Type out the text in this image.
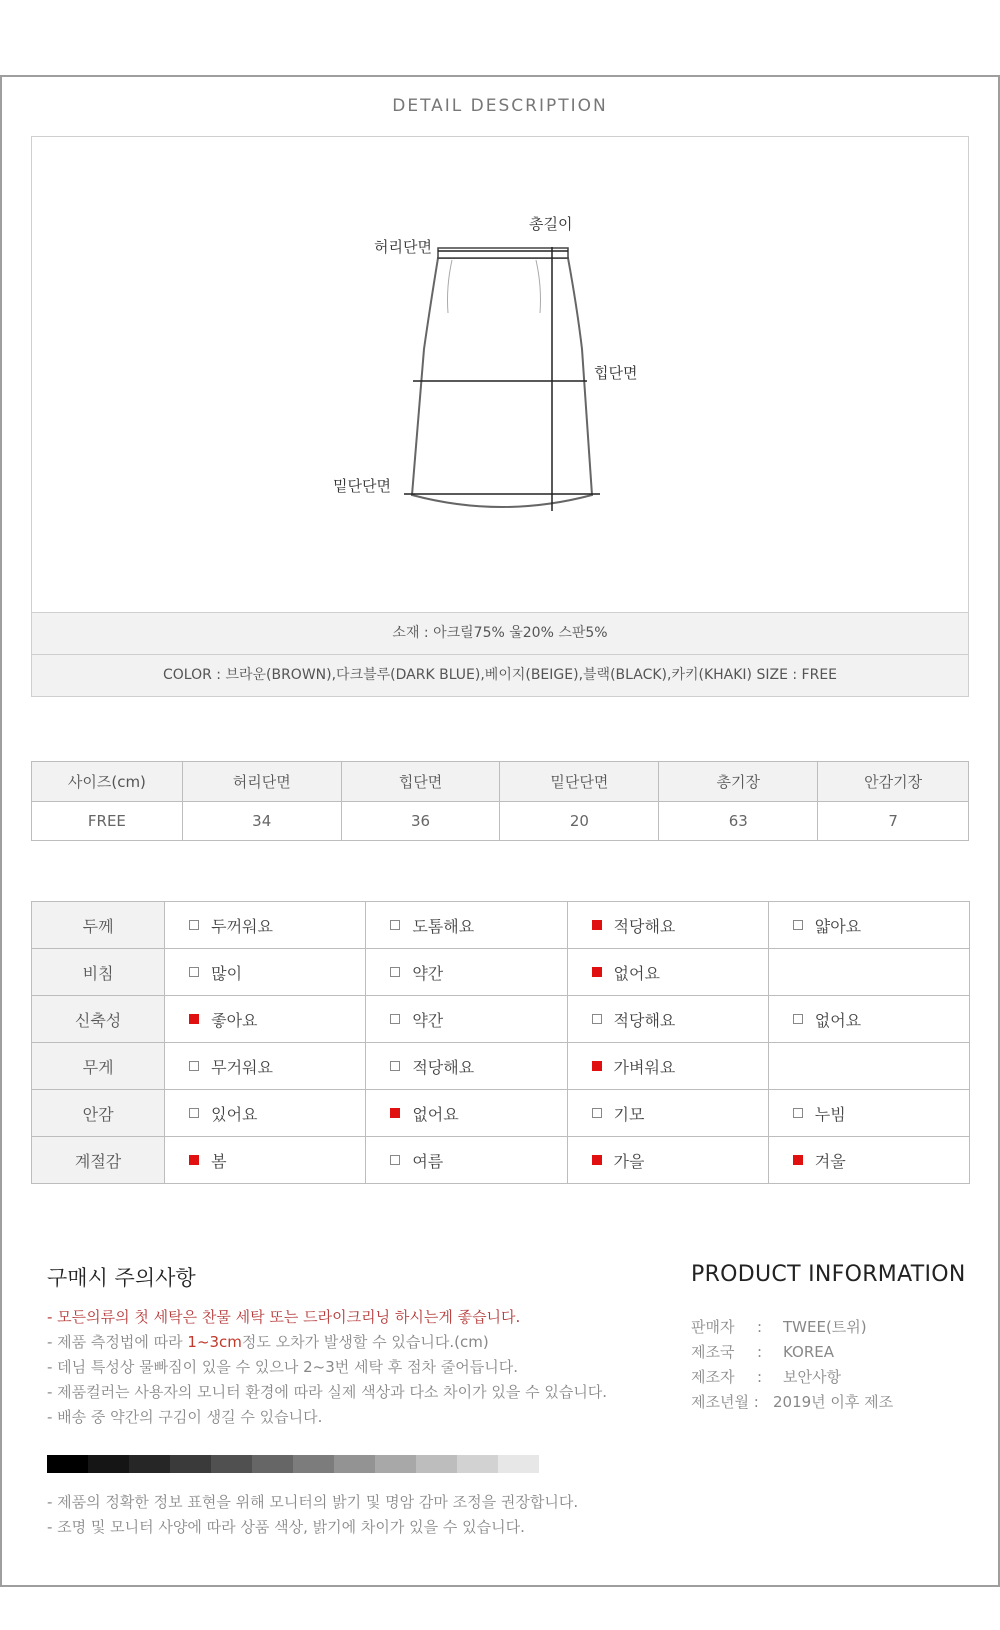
DETAIL DESCRIPTION
총길이
허리단면
힙단면
밑단단면
소재 : 아크릴75% 울20% 스판5%
COLOR : 브라운(BROWN),다크블루(DARK BLUE),베이지(BEIGE),블랙(BLACK),카키(KHAKI) SIZE : FREE
사이즈(cm)	허리단면	힙단면	밑단단면	총기장	안감기장
FREE	34	36	20	63	7
두께	두꺼워요	도톰해요	적당해요	얇아요
비침	많이	약간	없어요	
신축성	좋아요	약간	적당해요	없어요
무게	무거워요	적당해요	가벼워요	
안감	있어요	없어요	기모	누빔
계절감	봄	여름	가을	겨울
구매시 주의사항
- 모든의류의 첫 세탁은 찬물 세탁 또는 드라이크리닝 하시는게 좋습니다.
- 제품 측정법에 따라 1~3cm정도 오차가 발생할 수 있습니다.(cm)
- 데님 특성상 물빠짐이 있을 수 있으나 2~3번 세탁 후 점차 줄어듭니다.
- 제품컬러는 사용자의 모니터 환경에 따라 실제 색상과 다소 차이가 있을 수 있습니다.
- 배송 중 약간의 구김이 생길 수 있습니다.
- 제품의 정확한 정보 표현을 위해 모니터의 밝기 및 명암 감마 조정을 권장합니다.
- 조명 및 모니터 사양에 따라 상품 색상, 밝기에 차이가 있을 수 있습니다.
PRODUCT INFORMATION
판매자 : TWEE(트위)
제조국 : KOREA
제조자 : 보안사항
제조년월 : 2019년 이후 제조
